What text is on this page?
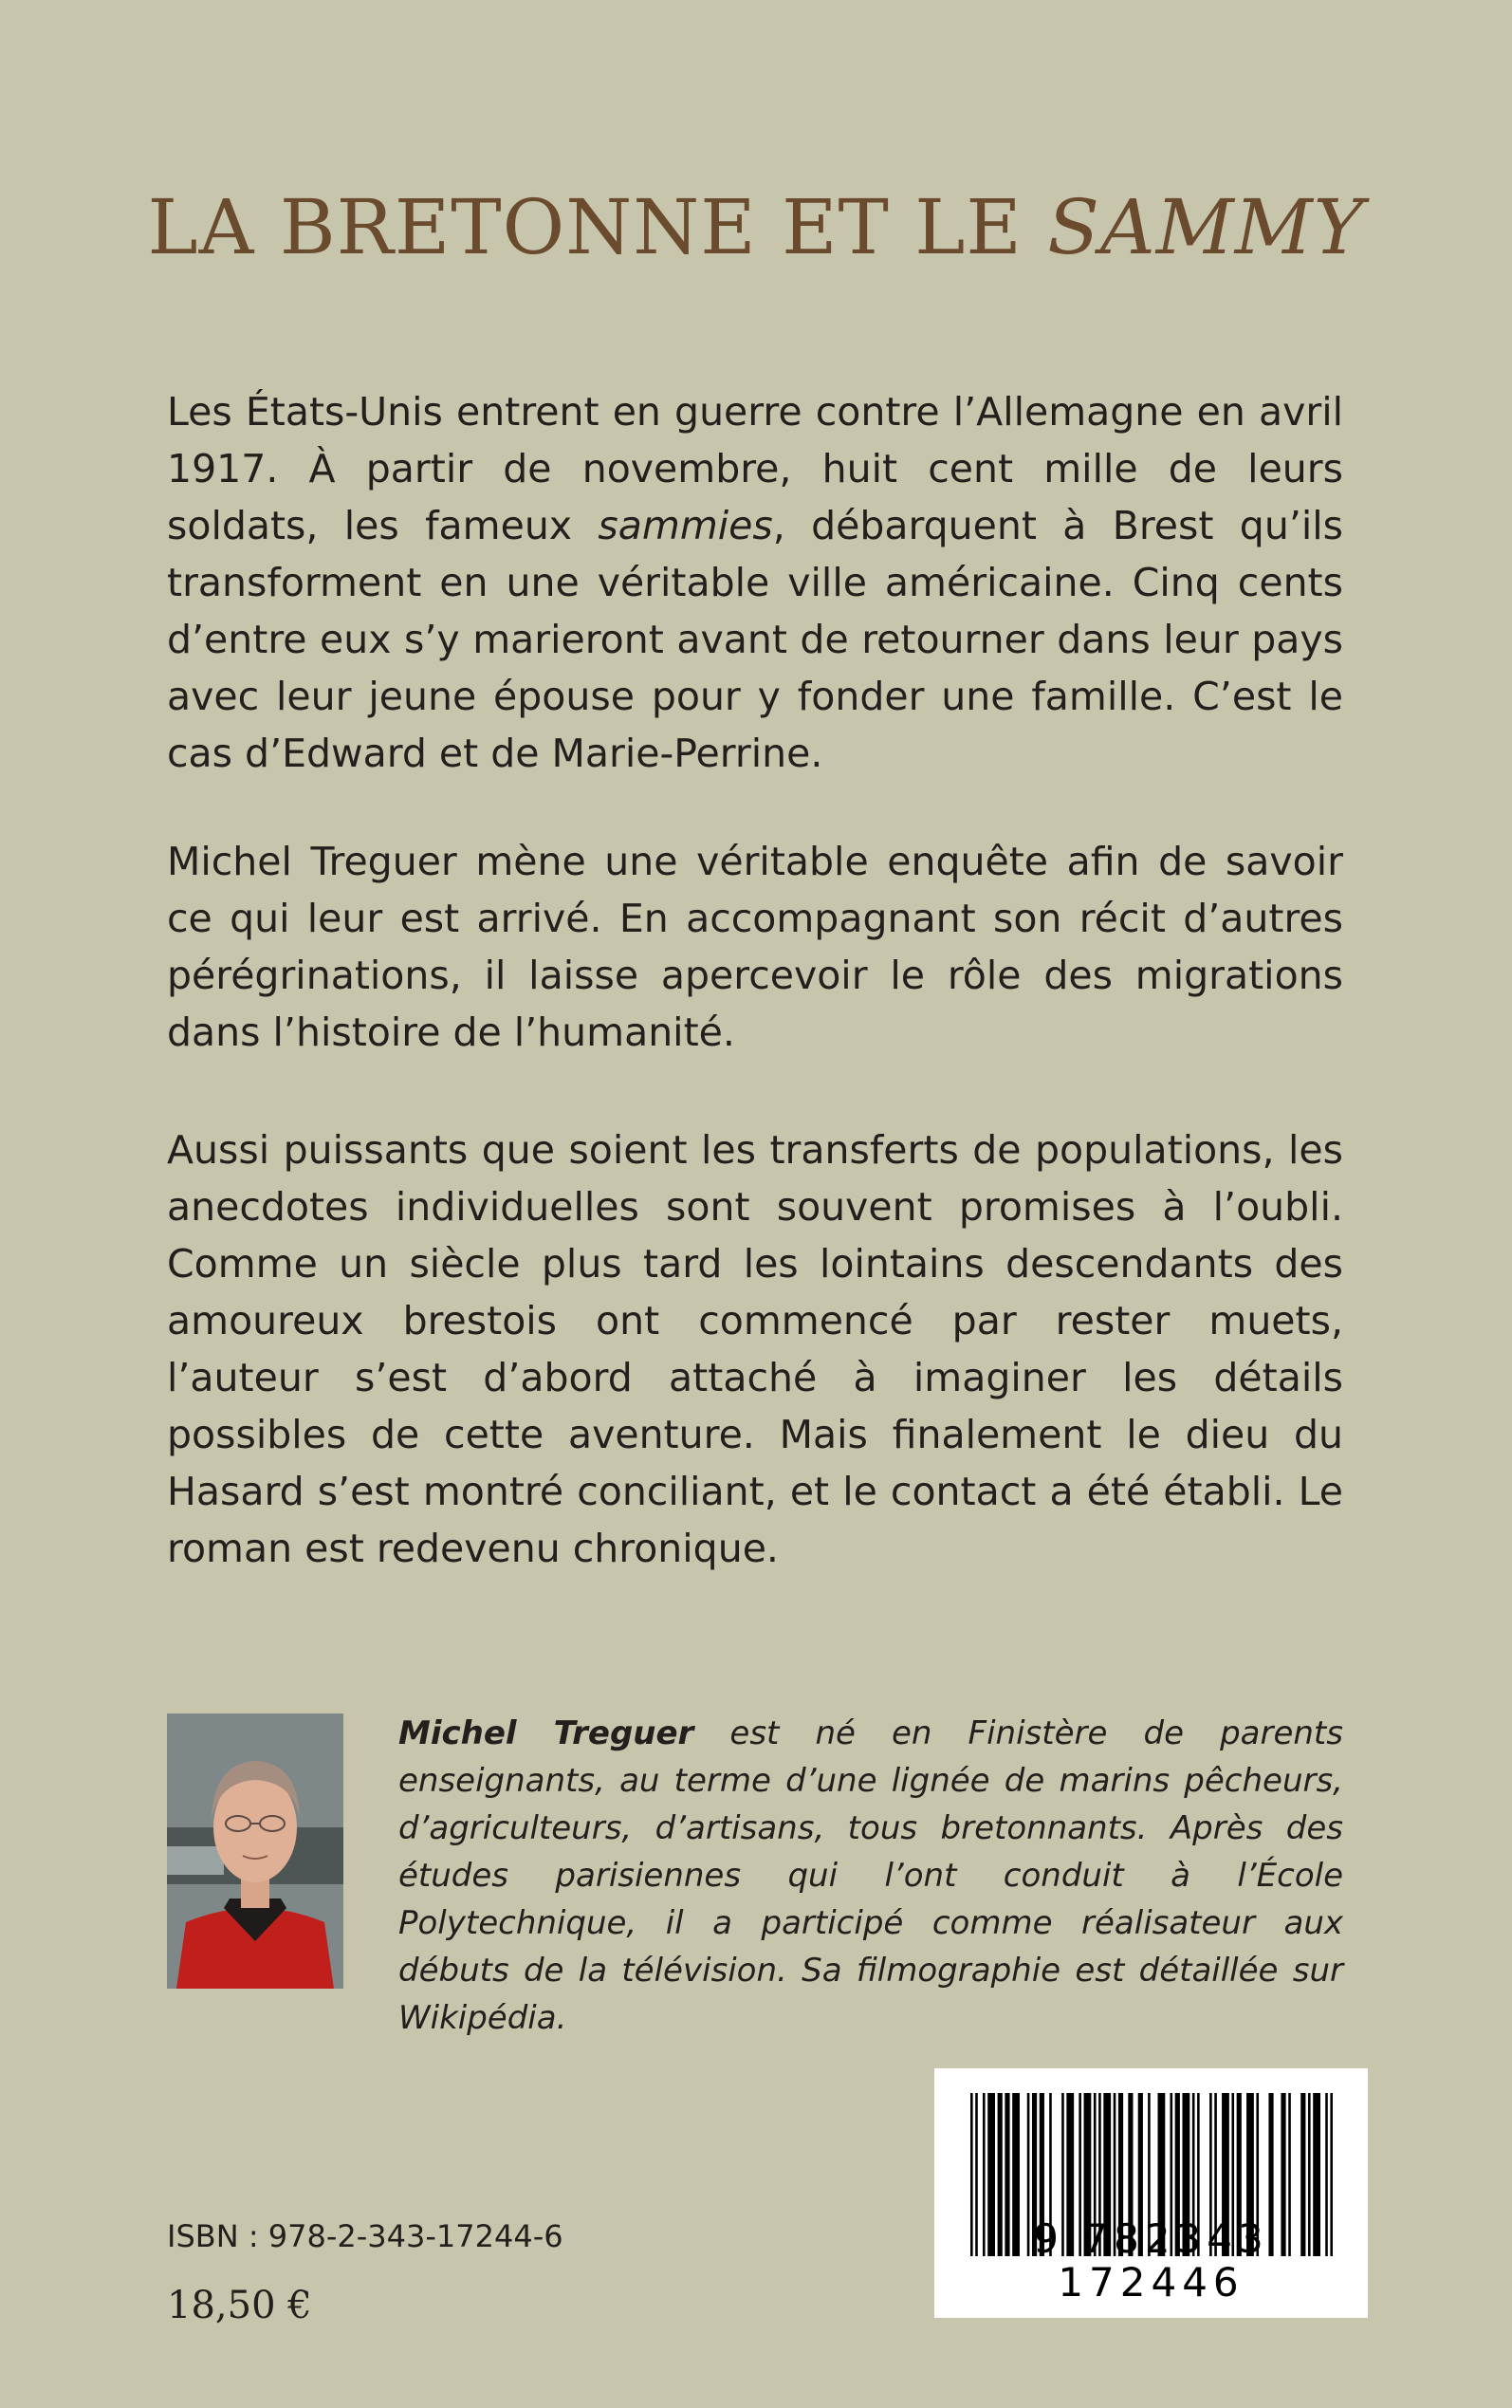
LA BRETONNE ET LE SAMMY
Les États-Unis entrent en guerre contre l’Allemagne en avril 1917. À partir de novembre, huit cent mille de leurs soldats, les fameux sammies, débarquent à Brest qu’ils transforment en une véritable ville américaine. Cinq cents d’entre eux s’y marieront avant de retourner dans leur pays avec leur jeune épouse pour y fonder une famille. C’est le cas d’Edward et de Marie-Perrine.
Michel Treguer mène une véritable enquête afin de savoir ce qui leur est arrivé. En accompagnant son récit d’autres pérégrinations, il laisse apercevoir le rôle des migrations dans l’histoire de l’humanité.
Aussi puissants que soient les transferts de populations, les anecdotes individuelles sont souvent promises à l’oubli. Comme un siècle plus tard les lointains descendants des amoureux brestois ont commencé par rester muets, l’auteur s’est d’abord attaché à imaginer les détails possibles de cette aventure. Mais finalement le dieu du Hasard s’est montré conciliant, et le contact a été établi. Le roman est redevenu chronique.
Michel Treguer est né en Finistère de parents enseignants, au terme d’une lignée de marins pêcheurs, d’agriculteurs, d’artisans, tous bretonnants. Après des études parisiennes qui l’ont conduit à l’École Polytechnique, il a participé comme réalisateur aux débuts de la télévision. Sa filmographie est détaillée sur Wikipédia.
9 782343 172446
ISBN : 978-2-343-17244-6
18,50 €
